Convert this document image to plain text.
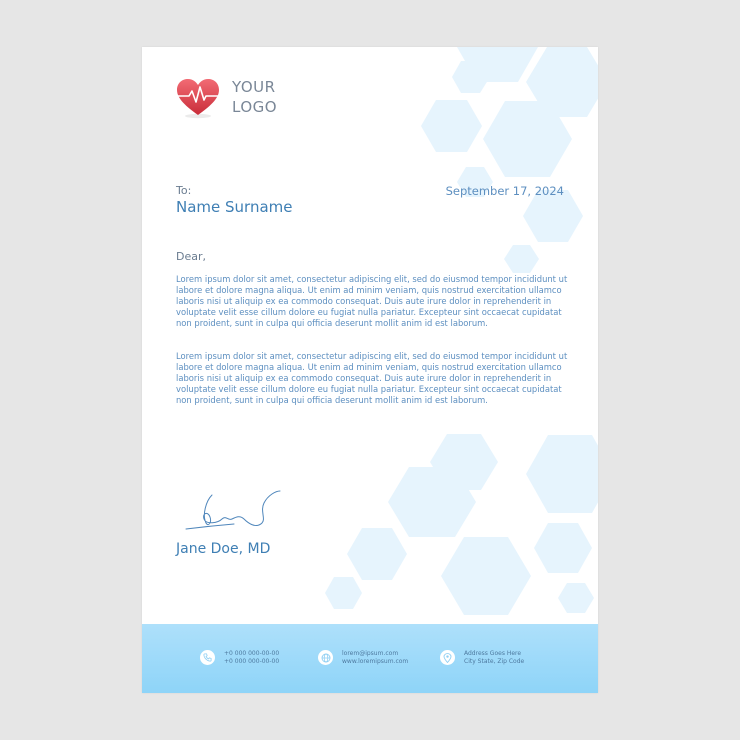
YOUR
LOGO
To:
Name Surname
September 17, 2024
Dear,

Lorem ipsum dolor sit amet, consectetur adipiscing elit, sed do eiusmod tempor incididunt ut labore et dolore magna aliqua. Ut enim ad minim veniam, quis nostrud exercitation ullamco laboris nisi ut aliquip ex ea commodo consequat. Duis aute irure dolor in reprehenderit in voluptate velit esse cillum dolore eu fugiat nulla pariatur. Excepteur sint occaecat cupidatat non proident, sunt in culpa qui officia deserunt mollit anim id est laborum.

Lorem ipsum dolor sit amet, consectetur adipiscing elit, sed do eiusmod tempor incididunt ut labore et dolore magna aliqua. Ut enim ad minim veniam, quis nostrud exercitation ullamco laboris nisi ut aliquip ex ea commodo consequat. Duis aute irure dolor in reprehenderit in voluptate velit esse cillum dolore eu fugiat nulla pariatur. Excepteur sint occaecat cupidatat non proident, sunt in culpa qui officia deserunt mollit anim id est laborum.

Jane Doe, MD
+0 000 000-00-00
+0 000 000-00-00
lorem@ipsum.com
www.loremipsum.com
Address Goes Here
City State, Zip Code
